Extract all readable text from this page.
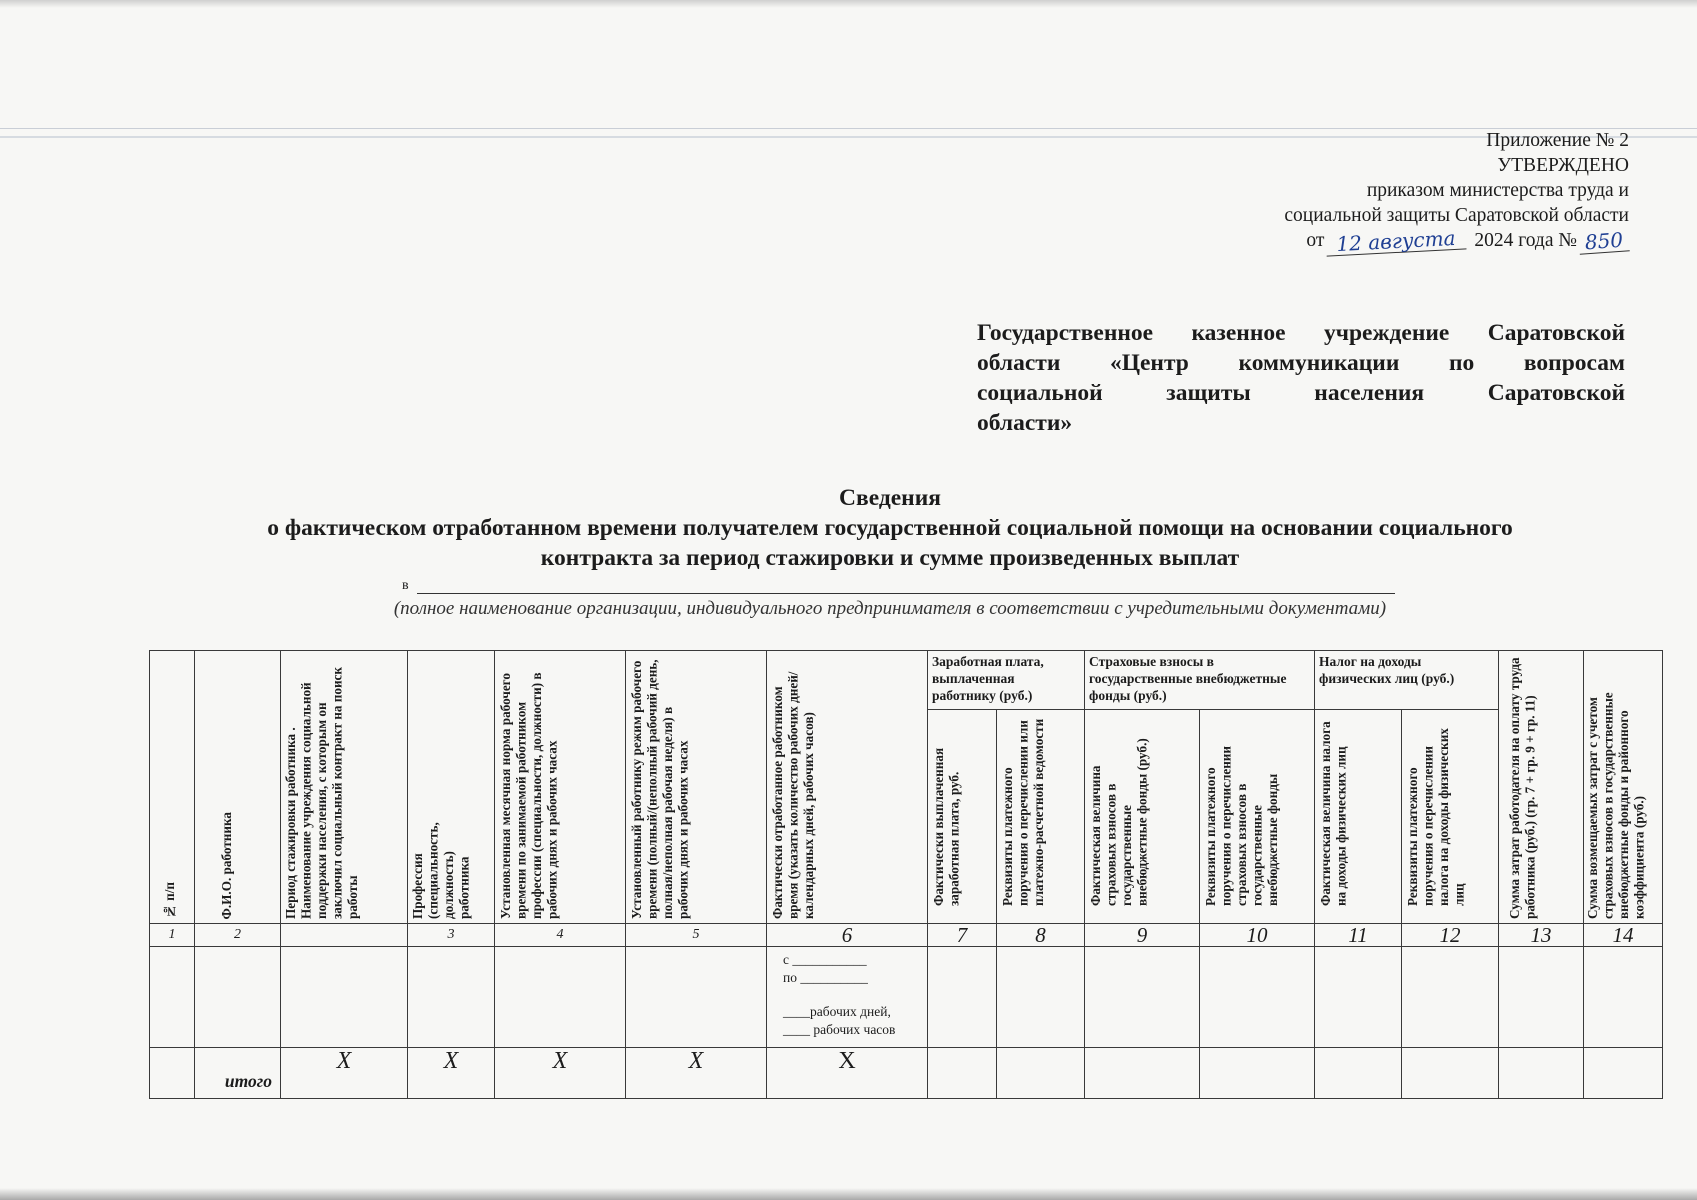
Приложение № 2
УТВЕРЖДЕНО
приказом министерства труда и
социальной защиты Саратовской области
от 12 августа 2024 года № 850
Государственное казенное учреждение Саратовской
области «Центр коммуникации по вопросам
социальной защиты населения Саратовской
области»
Сведения
о фактическом отработанном времени получателем государственной социальной помощи на основании социального
контракта за период стажировки и сумме произведенных выплат
в
(полное наименование организации, индивидуального предпринимателя в соответствии с учредительными документами)
№ п/п	Ф.И.О. работника	Период стажировки работника . Наименование учреждения социальной поддержки населения, с которым он заключил социальный контракт на поиск работы	Профессия (специальность, должность) работника	Установленная месячная норма рабочего времени по занимаемой работником профессии (специальности, должности) в рабочих днях и рабочих часах	Установленный работнику режим рабочего времени (полный/(неполный рабочий день, полная/неполная рабочая неделя) в рабочих днях и рабочих часах	Фактически отработанное работником время (указать количество рабочих дней/календарных дней, рабочих часов)	Заработная плата, выплаченная работнику (руб.)		Страховые взносы в государственные внебюджетные фонды (руб.)		Налог на доходы физических лиц (руб.)		Сумма затрат работодателя на оплату труда работника (руб.) (гр. 7 + гр. 9 + гр. 11)	Сумма возмещаемых затрат с учетом страховых взносов в государственные внебюджетные фонды и районного коэффициента (руб.)

							Фактически выплаченная заработная плата, руб.	Реквизиты платежного поручения о перечислении или платежно-расчетной ведомости	Фактическая величина страховых взносов в государственные внебюджетные фонды (руб.)	Реквизиты платежного поручения о перечислении страховых взносов в государственные внебюджетные фонды	Фактическая величина налога на доходы физических лиц	Реквизиты платежного поручения о перечислении налога на доходы физических лиц		

1	2		3	4	5	6	7	8	9	10	11	12	13	14

						с ___________
по __________
____рабочих дней,
____ рабочих часов								

	итого	X	X	X	X	X								
